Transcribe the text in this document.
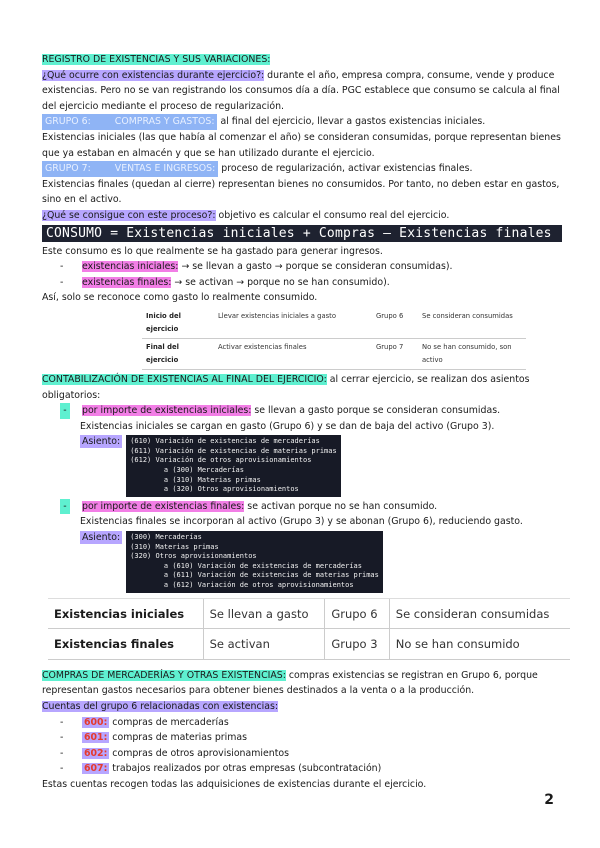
REGISTRO DE EXISTENCIAS Y SUS VARIACIONES:

¿Qué ocurre con existencias durante ejercicio?: durante el año, empresa compra, consume, vende y produce existencias. Pero no se van registrando los consumos día a día. PGC establece que consumo se calcula al final del ejercicio mediante el proceso de regularización.

GRUPO 6:	COMPRAS Y GASTOS: al final del ejercicio, llevar a gastos existencias iniciales.

Existencias iniciales (las que había al comenzar el año) se consideran consumidas, porque representan bienes que ya estaban en almacén y que se han utilizado durante el ejercicio.

GRUPO 7:	VENTAS E INGRESOS: proceso de regularización, activar existencias finales.

Existencias finales (quedan al cierre) representan bienes no consumidos. Por tanto, no deben estar en gastos, sino en el activo.

¿Qué se consigue con este proceso?: objetivo es calcular el consumo real del ejercicio.

CONSUMO = Existencias iniciales + Compras – Existencias finales

Este consumo es lo que realmente se ha gastado para generar ingresos.

-	existencias iniciales: → se llevan a gasto → porque se consideran consumidas).
-	existencias finales: → se activan → porque no se han consumido).

Así, solo se reconoce como gasto lo realmente consumido.

Inicio del ejercicio	Llevar existencias iniciales a gasto	Grupo 6	Se consideran consumidas
Final del ejercicio	Activar existencias finales	Grupo 7	No se han consumido, son activo

CONTABILIZACIÓN DE EXISTENCIAS AL FINAL DEL EJERCICIO: al cerrar ejercicio, se realizan dos asientos obligatorios:

-	por importe de existencias iniciales: se llevan a gasto porque se consideran consumidas.

Existencias iniciales se cargan en gasto (Grupo 6) y se dan de baja del activo (Grupo 3).

Asiento:	(610) Variación de existencias de mercaderías
(611) Variación de existencias de materias primas
(612) Variación de otros aprovisionamientos
a (300) Mercaderías
a (310) Materias primas
a (320) Otros aprovisionamientos
-	por importe de existencias finales: se activan porque no se han consumido.

Existencias finales se incorporan al activo (Grupo 3) y se abonan (Grupo 6), reduciendo gasto.

Asiento:	(300) Mercaderías
(310) Materias primas
(320) Otros aprovisionamientos
a (610) Variación de existencias de mercaderías
a (611) Variación de existencias de materias primas
a (612) Variación de otros aprovisionamientos
Existencias iniciales	Se llevan a gasto	Grupo 6	Se consideran consumidas
Existencias finales	Se activan	Grupo 3	No se han consumido

COMPRAS DE MERCADERÍAS Y OTRAS EXISTENCIAS: compras existencias se registran en Grupo 6, porque representan gastos necesarios para obtener bienes destinados a la venta o a la producción.

Cuentas del grupo 6 relacionadas con existencias:

-	600: compras de mercaderías
-	601: compras de materias primas
-	602: compras de otros aprovisionamientos
-	607: trabajos realizados por otras empresas (subcontratación)

Estas cuentas recogen todas las adquisiciones de existencias durante el ejercicio.

2
